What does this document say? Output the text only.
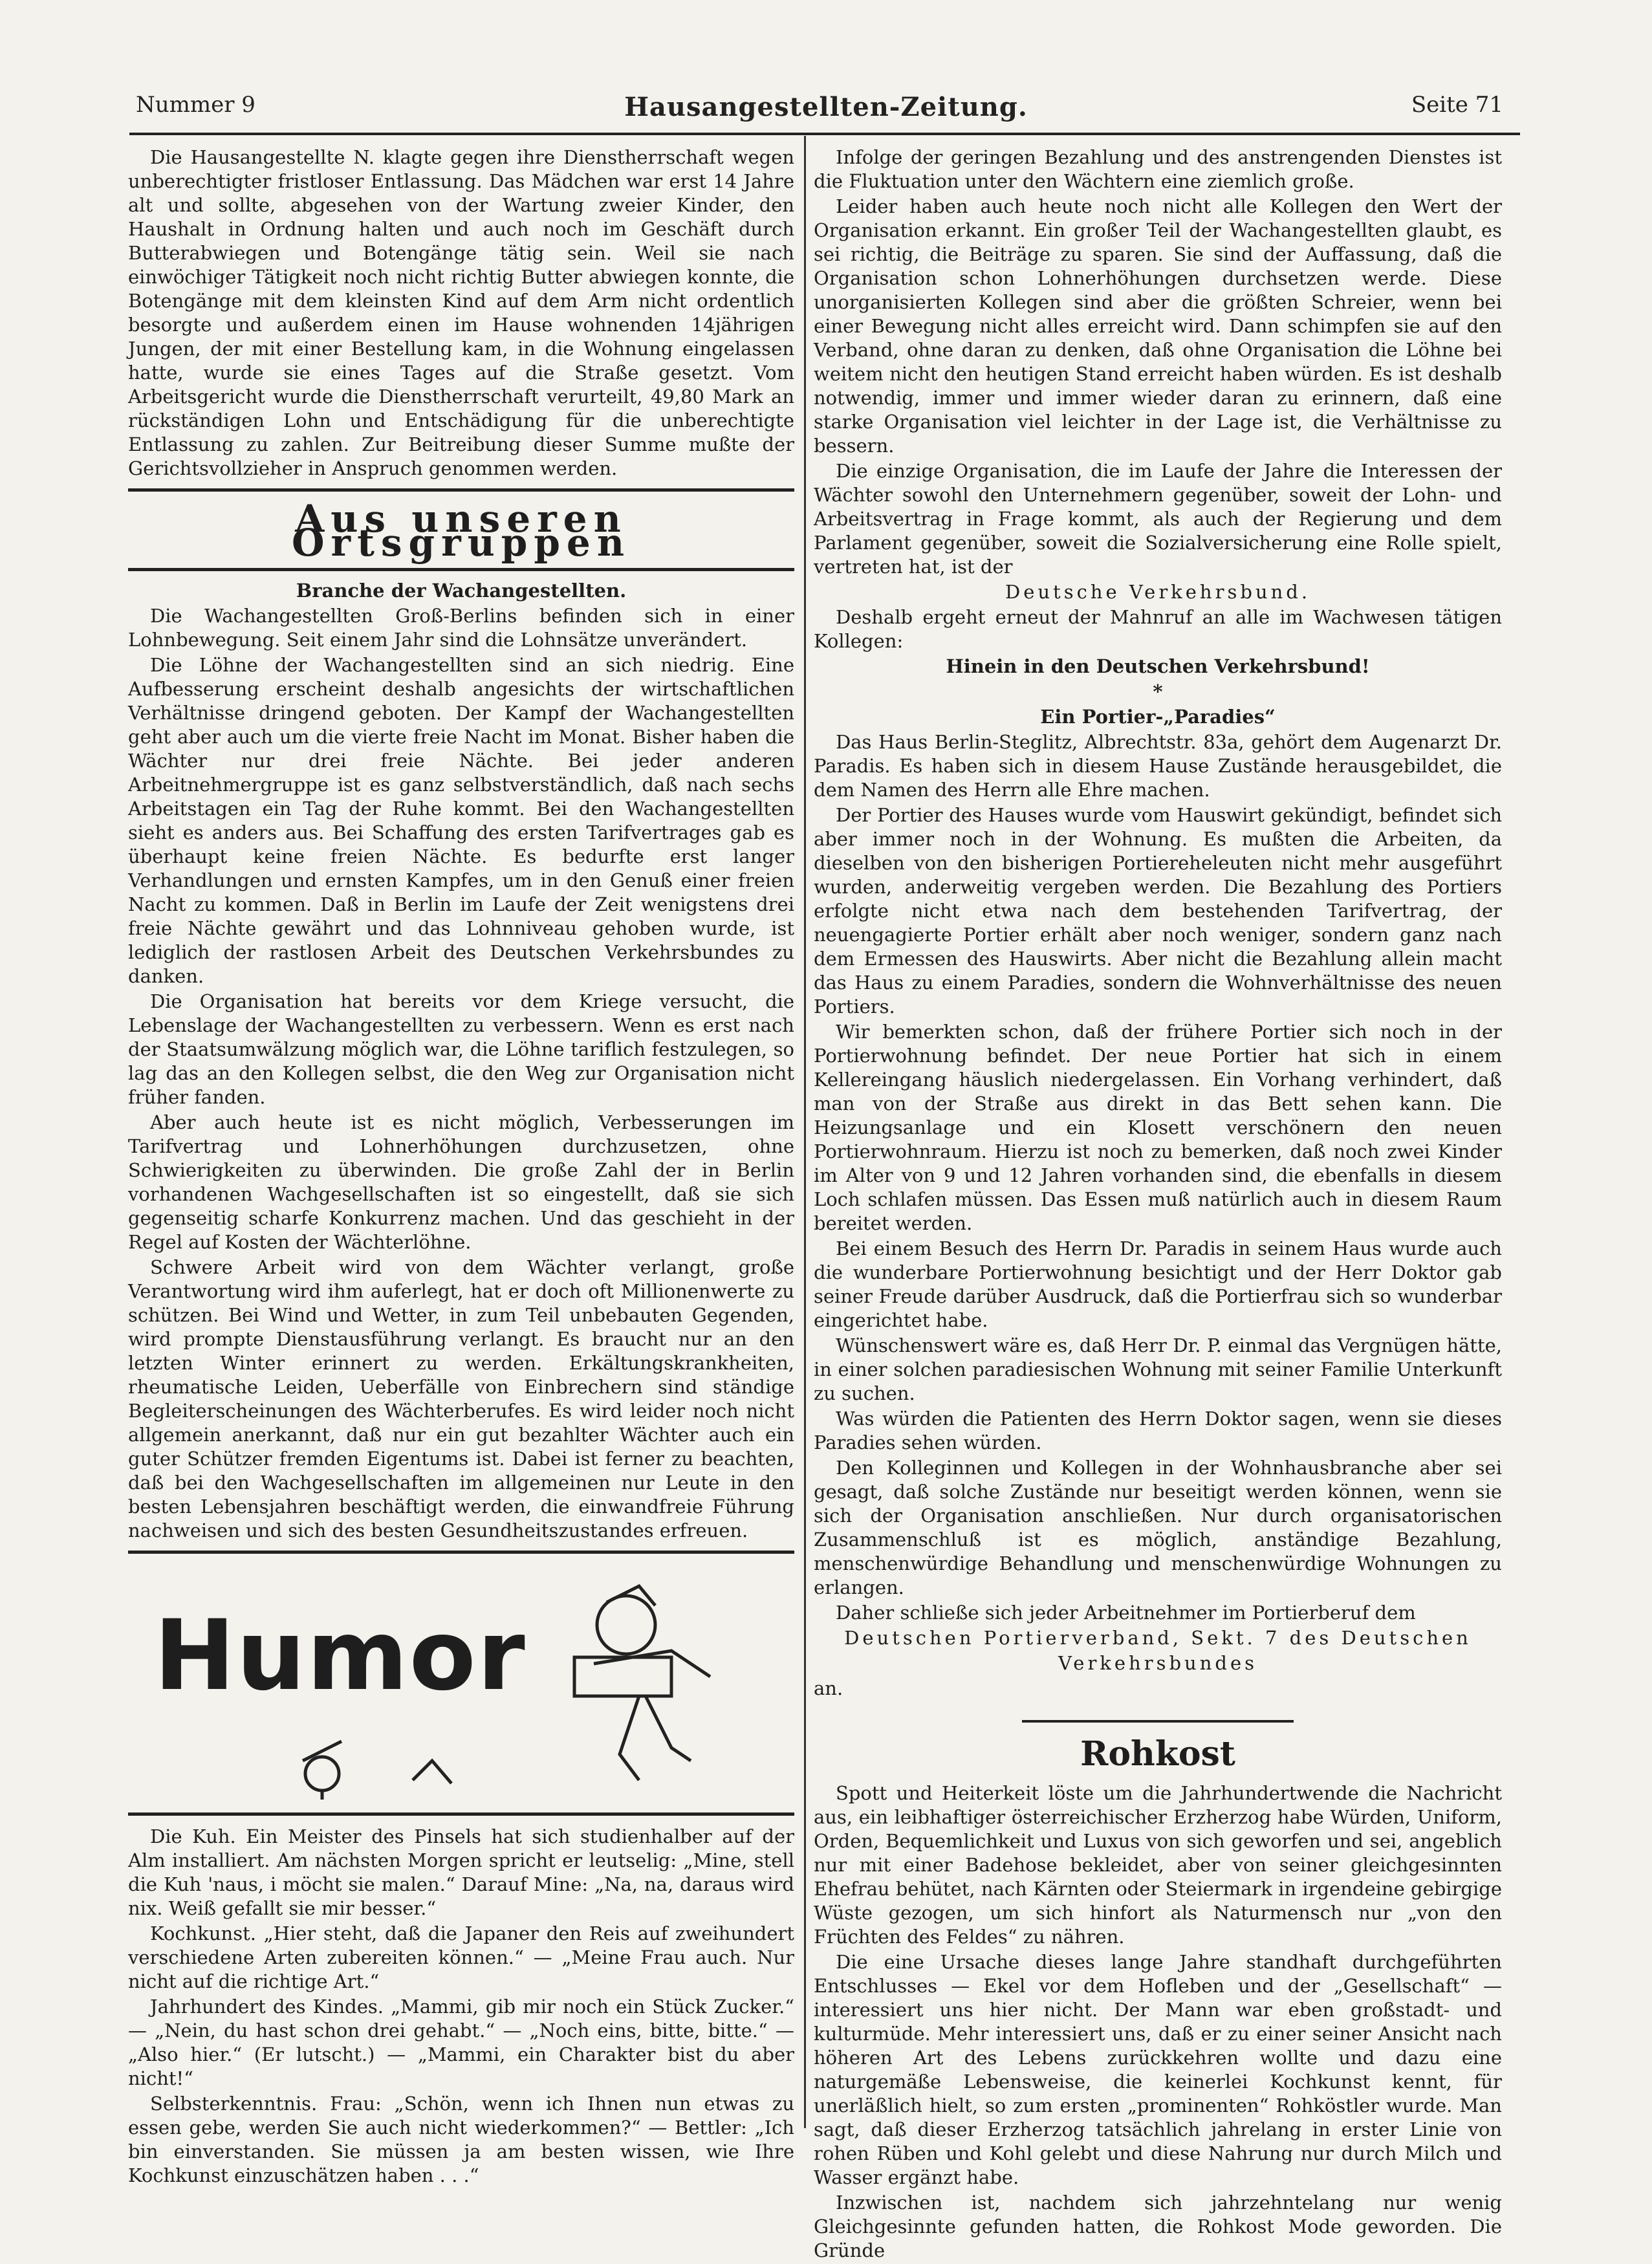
Nummer 9	Hausangestellten-Zeitung.	Seite 71

Die Hausangestellte N. klagte gegen ihre Dienstherrschaft wegen unberechtigter fristloser Entlassung. Das Mädchen war erst 14 Jahre alt und sollte, abgesehen von der Wartung zweier Kinder, den Haushalt in Ordnung halten und auch noch im Geschäft durch Butterabwiegen und Botengänge tätig sein. Weil sie nach einwöchiger Tätigkeit noch nicht richtig Butter abwiegen konnte, die Botengänge mit dem kleinsten Kind auf dem Arm nicht ordentlich besorgte und außerdem einen im Hause wohnenden 14jährigen Jungen, der mit einer Bestellung kam, in die Wohnung eingelassen hatte, wurde sie eines Tages auf die Straße gesetzt. Vom Arbeitsgericht wurde die Dienstherrschaft verurteilt, 49,80 Mark an rückständigen Lohn und Entschädigung für die unberechtigte Entlassung zu zahlen. Zur Beitreibung dieser Summe mußte der Gerichtsvollzieher in Anspruch genommen werden.

Aus unseren Ortsgruppen

Branche der Wachangestellten.

Die Wachangestellten Groß-Berlins befinden sich in einer Lohnbewegung. Seit einem Jahr sind die Lohnsätze unverändert.

Die Löhne der Wachangestellten sind an sich niedrig. Eine Aufbesserung erscheint deshalb angesichts der wirtschaftlichen Verhältnisse dringend geboten. Der Kampf der Wachangestellten geht aber auch um die vierte freie Nacht im Monat. Bisher haben die Wächter nur drei freie Nächte. Bei jeder anderen Arbeitnehmergruppe ist es ganz selbstverständlich, daß nach sechs Arbeitstagen ein Tag der Ruhe kommt. Bei den Wachangestellten sieht es anders aus. Bei Schaffung des ersten Tarifvertrages gab es überhaupt keine freien Nächte. Es bedurfte erst langer Verhandlungen und ernsten Kampfes, um in den Genuß einer freien Nacht zu kommen. Daß in Berlin im Laufe der Zeit wenigstens drei freie Nächte gewährt und das Lohnniveau gehoben wurde, ist lediglich der rastlosen Arbeit des Deutschen Verkehrsbundes zu danken.

Die Organisation hat bereits vor dem Kriege versucht, die Lebenslage der Wachangestellten zu verbessern. Wenn es erst nach der Staatsumwälzung möglich war, die Löhne tariflich festzulegen, so lag das an den Kollegen selbst, die den Weg zur Organisation nicht früher fanden.

Aber auch heute ist es nicht möglich, Verbesserungen im Tarifvertrag und Lohnerhöhungen durchzusetzen, ohne Schwierigkeiten zu überwinden. Die große Zahl der in Berlin vorhandenen Wachgesellschaften ist so eingestellt, daß sie sich gegenseitig scharfe Konkurrenz machen. Und das geschieht in der Regel auf Kosten der Wächterlöhne.

Schwere Arbeit wird von dem Wächter verlangt, große Verantwortung wird ihm auferlegt, hat er doch oft Millionenwerte zu schützen. Bei Wind und Wetter, in zum Teil unbebauten Gegenden, wird prompte Dienstausführung verlangt. Es braucht nur an den letzten Winter erinnert zu werden. Erkältungskrankheiten, rheumatische Leiden, Ueberfälle von Einbrechern sind ständige Begleiterscheinungen des Wächterberufes. Es wird leider noch nicht allgemein anerkannt, daß nur ein gut bezahlter Wächter auch ein guter Schützer fremden Eigentums ist. Dabei ist ferner zu beachten, daß bei den Wachgesellschaften im allgemeinen nur Leute in den besten Lebensjahren beschäftigt werden, die einwandfreie Führung nachweisen und sich des besten Gesundheitszustandes erfreuen.

Humor

Die Kuh. Ein Meister des Pinsels hat sich studienhalber auf der Alm installiert. Am nächsten Morgen spricht er leutselig: „Mine, stell die Kuh 'naus, i möcht sie malen.“ Darauf Mine: „Na, na, daraus wird nix. Weiß gefallt sie mir besser.“

Kochkunst. „Hier steht, daß die Japaner den Reis auf zweihundert verschiedene Arten zubereiten können.“ — „Meine Frau auch. Nur nicht auf die richtige Art.“

Jahrhundert des Kindes. „Mammi, gib mir noch ein Stück Zucker.“ — „Nein, du hast schon drei gehabt.“ — „Noch eins, bitte, bitte.“ — „Also hier.“ (Er lutscht.) — „Mammi, ein Charakter bist du aber nicht!“

Selbsterkenntnis. Frau: „Schön, wenn ich Ihnen nun etwas zu essen gebe, werden Sie auch nicht wiederkommen?“ — Bettler: „Ich bin einverstanden. Sie müssen ja am besten wissen, wie Ihre Kochkunst einzuschätzen haben . . .“

Infolge der geringen Bezahlung und des anstrengenden Dienstes ist die Fluktuation unter den Wächtern eine ziemlich große.

Leider haben auch heute noch nicht alle Kollegen den Wert der Organisation erkannt. Ein großer Teil der Wachangestellten glaubt, es sei richtig, die Beiträge zu sparen. Sie sind der Auffassung, daß die Organisation schon Lohnerhöhungen durchsetzen werde. Diese unorganisierten Kollegen sind aber die größten Schreier, wenn bei einer Bewegung nicht alles erreicht wird. Dann schimpfen sie auf den Verband, ohne daran zu denken, daß ohne Organisation die Löhne bei weitem nicht den heutigen Stand erreicht haben würden. Es ist deshalb notwendig, immer und immer wieder daran zu erinnern, daß eine starke Organisation viel leichter in der Lage ist, die Verhältnisse zu bessern.

Die einzige Organisation, die im Laufe der Jahre die Interessen der Wächter sowohl den Unternehmern gegenüber, soweit der Lohn- und Arbeitsvertrag in Frage kommt, als auch der Regierung und dem Parlament gegenüber, soweit die Sozialversicherung eine Rolle spielt, vertreten hat, ist der

Deutsche Verkehrsbund.

Deshalb ergeht erneut der Mahnruf an alle im Wachwesen tätigen Kollegen:

Hinein in den Deutschen Verkehrsbund!

*

Ein Portier-„Paradies“

Das Haus Berlin-Steglitz, Albrechtstr. 83a, gehört dem Augenarzt Dr. Paradis. Es haben sich in diesem Hause Zustände herausgebildet, die dem Namen des Herrn alle Ehre machen.

Der Portier des Hauses wurde vom Hauswirt gekündigt, befindet sich aber immer noch in der Wohnung. Es mußten die Arbeiten, da dieselben von den bisherigen Portiereheleuten nicht mehr ausgeführt wurden, anderweitig vergeben werden. Die Bezahlung des Portiers erfolgte nicht etwa nach dem bestehenden Tarifvertrag, der neuengagierte Portier erhält aber noch weniger, sondern ganz nach dem Ermessen des Hauswirts. Aber nicht die Bezahlung allein macht das Haus zu einem Paradies, sondern die Wohnverhältnisse des neuen Portiers.

Wir bemerkten schon, daß der frühere Portier sich noch in der Portierwohnung befindet. Der neue Portier hat sich in einem Kellereingang häuslich niedergelassen. Ein Vorhang verhindert, daß man von der Straße aus direkt in das Bett sehen kann. Die Heizungsanlage und ein Klosett verschönern den neuen Portierwohnraum. Hierzu ist noch zu bemerken, daß noch zwei Kinder im Alter von 9 und 12 Jahren vorhanden sind, die ebenfalls in diesem Loch schlafen müssen. Das Essen muß natürlich auch in diesem Raum bereitet werden.

Bei einem Besuch des Herrn Dr. Paradis in seinem Haus wurde auch die wunderbare Portierwohnung besichtigt und der Herr Doktor gab seiner Freude darüber Ausdruck, daß die Portierfrau sich so wunderbar eingerichtet habe.

Wünschenswert wäre es, daß Herr Dr. P. einmal das Vergnügen hätte, in einer solchen paradiesischen Wohnung mit seiner Familie Unterkunft zu suchen.

Was würden die Patienten des Herrn Doktor sagen, wenn sie dieses Paradies sehen würden.

Den Kolleginnen und Kollegen in der Wohnhausbranche aber sei gesagt, daß solche Zustände nur beseitigt werden können, wenn sie sich der Organisation anschließen. Nur durch organisatorischen Zusammenschluß ist es möglich, anständige Bezahlung, menschenwürdige Behandlung und menschenwürdige Wohnungen zu erlangen.

Daher schließe sich jeder Arbeitnehmer im Portierberuf dem

Deutschen Portierverband, Sekt. 7 des Deutschen

Verkehrsbundes

an.

Rohkost

Spott und Heiterkeit löste um die Jahrhundertwende die Nachricht aus, ein leibhaftiger österreichischer Erzherzog habe Würden, Uniform, Orden, Bequemlichkeit und Luxus von sich geworfen und sei, angeblich nur mit einer Badehose bekleidet, aber von seiner gleichgesinnten Ehefrau behütet, nach Kärnten oder Steiermark in irgendeine gebirgige Wüste gezogen, um sich hinfort als Naturmensch nur „von den Früchten des Feldes“ zu nähren.

Die eine Ursache dieses lange Jahre standhaft durchgeführten Entschlusses — Ekel vor dem Hofleben und der „Gesellschaft“ — interessiert uns hier nicht. Der Mann war eben großstadt- und kulturmüde. Mehr interessiert uns, daß er zu einer seiner Ansicht nach höheren Art des Lebens zurückkehren wollte und dazu eine naturgemäße Lebensweise, die keinerlei Kochkunst kennt, für unerläßlich hielt, so zum ersten „prominenten“ Rohköstler wurde. Man sagt, daß dieser Erzherzog tatsächlich jahrelang in erster Linie von rohen Rüben und Kohl gelebt und diese Nahrung nur durch Milch und Wasser ergänzt habe.

Inzwischen ist, nachdem sich jahrzehntelang nur wenig Gleichgesinnte gefunden hatten, die Rohkost Mode geworden. Die Gründe
